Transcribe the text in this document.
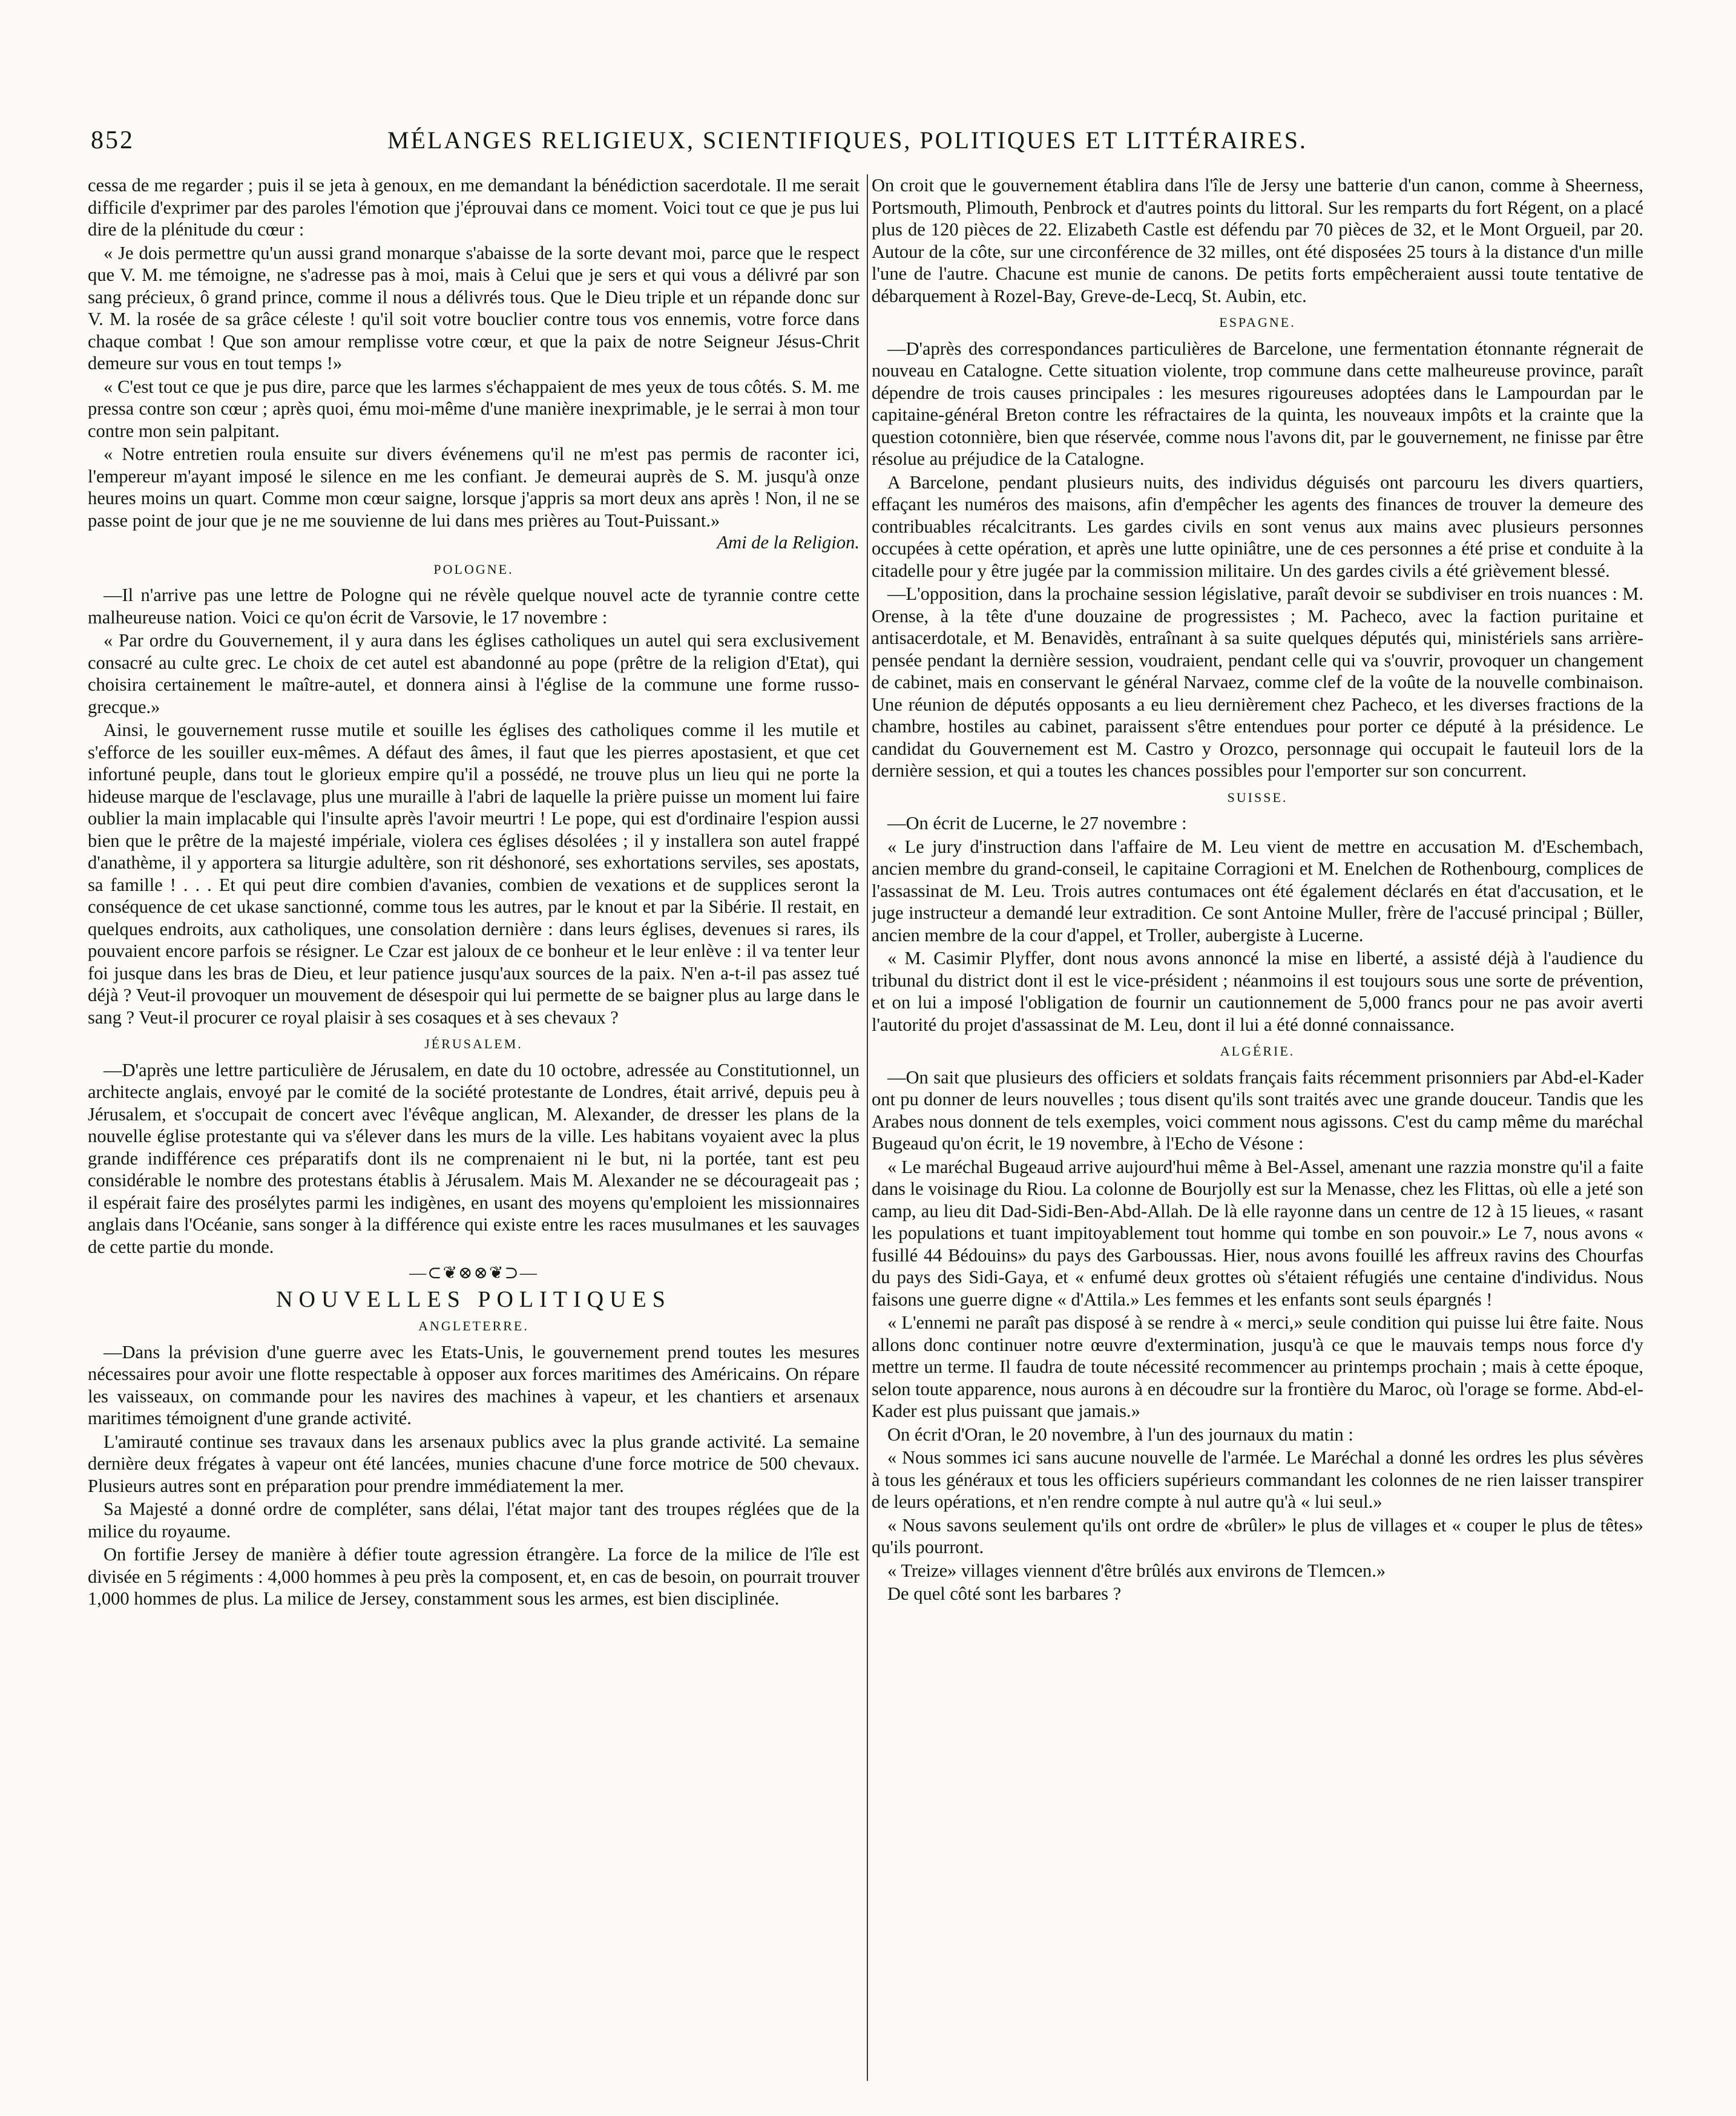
852	MÉLANGES RELIGIEUX, SCIENTIFIQUES, POLITIQUES ET LITTÉRAIRES.

cessa de me regarder ; puis il se jeta à genoux, en me demandant la bénédiction sacerdotale. Il me serait difficile d'exprimer par des paroles l'émotion que j'éprouvai dans ce moment. Voici tout ce que je pus lui dire de la plénitude du cœur :

« Je dois permettre qu'un aussi grand monarque s'abaisse de la sorte devant moi, parce que le respect que V. M. me témoigne, ne s'adresse pas à moi, mais à Celui que je sers et qui vous a délivré par son sang précieux, ô grand prince, comme il nous a délivrés tous. Que le Dieu triple et un répande donc sur V. M. la rosée de sa grâce céleste ! qu'il soit votre bouclier contre tous vos ennemis, votre force dans chaque combat ! Que son amour remplisse votre cœur, et que la paix de notre Seigneur Jésus-Chrit demeure sur vous en tout temps !»

« C'est tout ce que je pus dire, parce que les larmes s'échappaient de mes yeux de tous côtés. S. M. me pressa contre son cœur ; après quoi, ému moi-même d'une manière inexprimable, je le serrai à mon tour contre mon sein palpitant.

« Notre entretien roula ensuite sur divers événemens qu'il ne m'est pas permis de raconter ici, l'empereur m'ayant imposé le silence en me les confiant. Je demeurai auprès de S. M. jusqu'à onze heures moins un quart. Comme mon cœur saigne, lorsque j'appris sa mort deux ans après ! Non, il ne se passe point de jour que je ne me souvienne de lui dans mes prières au Tout-Puissant.»
Ami de la Religion.

POLOGNE.

—Il n'arrive pas une lettre de Pologne qui ne révèle quelque nouvel acte de tyrannie contre cette malheureuse nation. Voici ce qu'on écrit de Varsovie, le 17 novembre :

« Par ordre du Gouvernement, il y aura dans les églises catholiques un autel qui sera exclusivement consacré au culte grec. Le choix de cet autel est abandonné au pope (prêtre de la religion d'Etat), qui choisira certainement le maître-autel, et donnera ainsi à l'église de la commune une forme russo-grecque.»

Ainsi, le gouvernement russe mutile et souille les églises des catholiques comme il les mutile et s'efforce de les souiller eux-mêmes. A défaut des âmes, il faut que les pierres apostasient, et que cet infortuné peuple, dans tout le glorieux empire qu'il a possédé, ne trouve plus un lieu qui ne porte la hideuse marque de l'esclavage, plus une muraille à l'abri de laquelle la prière puisse un moment lui faire oublier la main implacable qui l'insulte après l'avoir meurtri ! Le pope, qui est d'ordinaire l'espion aussi bien que le prêtre de la majesté impériale, violera ces églises désolées ; il y installera son autel frappé d'anathème, il y apportera sa liturgie adultère, son rit déshonoré, ses exhortations serviles, ses apostats, sa famille ! . . . Et qui peut dire combien d'avanies, combien de vexations et de supplices seront la conséquence de cet ukase sanctionné, comme tous les autres, par le knout et par la Sibérie. Il restait, en quelques endroits, aux catholiques, une consolation dernière : dans leurs églises, devenues si rares, ils pouvaient encore parfois se résigner. Le Czar est jaloux de ce bonheur et le leur enlève : il va tenter leur foi jusque dans les bras de Dieu, et leur patience jusqu'aux sources de la paix. N'en a-t-il pas assez tué déjà ? Veut-il provoquer un mouvement de désespoir qui lui permette de se baigner plus au large dans le sang ? Veut-il procurer ce royal plaisir à ses cosaques et à ses chevaux ?

JÉRUSALEM.

—D'après une lettre particulière de Jérusalem, en date du 10 octobre, adressée au Constitutionnel, un architecte anglais, envoyé par le comité de la société protestante de Londres, était arrivé, depuis peu à Jérusalem, et s'occupait de concert avec l'évêque anglican, M. Alexander, de dresser les plans de la nouvelle église protestante qui va s'élever dans les murs de la ville. Les habitans voyaient avec la plus grande indifférence ces préparatifs dont ils ne comprenaient ni le but, ni la portée, tant est peu considérable le nombre des protestans établis à Jérusalem. Mais M. Alexander ne se décourageait pas ; il espérait faire des prosélytes parmi les indigènes, en usant des moyens qu'emploient les missionnaires anglais dans l'Océanie, sans songer à la différence qui existe entre les races musulmanes et les sauvages de cette partie du monde.

—⊂❦⊗⊗❦⊃—
NOUVELLES POLITIQUES
ANGLETERRE.

—Dans la prévision d'une guerre avec les Etats-Unis, le gouvernement prend toutes les mesures nécessaires pour avoir une flotte respectable à opposer aux forces maritimes des Américains. On répare les vaisseaux, on commande pour les navires des machines à vapeur, et les chantiers et arsenaux maritimes témoignent d'une grande activité.

L'amirauté continue ses travaux dans les arsenaux publics avec la plus grande activité. La semaine dernière deux frégates à vapeur ont été lancées, munies chacune d'une force motrice de 500 chevaux. Plusieurs autres sont en préparation pour prendre immédiatement la mer.

Sa Majesté a donné ordre de compléter, sans délai, l'état major tant des troupes réglées que de la milice du royaume.

On fortifie Jersey de manière à défier toute agression étrangère. La force de la milice de l'île est divisée en 5 régiments : 4,000 hommes à peu près la composent, et, en cas de besoin, on pourrait trouver 1,000 hommes de plus. La milice de Jersey, constamment sous les armes, est bien disciplinée.

On croit que le gouvernement établira dans l'île de Jersy une batterie d'un canon, comme à Sheerness, Portsmouth, Plimouth, Penbrock et d'autres points du littoral. Sur les remparts du fort Régent, on a placé plus de 120 pièces de 22. Elizabeth Castle est défendu par 70 pièces de 32, et le Mont Orgueil, par 20. Autour de la côte, sur une circonférence de 32 milles, ont été disposées 25 tours à la distance d'un mille l'une de l'autre. Chacune est munie de canons. De petits forts empêcheraient aussi toute tentative de débarquement à Rozel-Bay, Greve-de-Lecq, St. Aubin, etc.

ESPAGNE.

—D'après des correspondances particulières de Barcelone, une fermentation étonnante régnerait de nouveau en Catalogne. Cette situation violente, trop commune dans cette malheureuse province, paraît dépendre de trois causes principales : les mesures rigoureuses adoptées dans le Lampourdan par le capitaine-général Breton contre les réfractaires de la quinta, les nouveaux impôts et la crainte que la question cotonnière, bien que réservée, comme nous l'avons dit, par le gouvernement, ne finisse par être résolue au préjudice de la Catalogne.

A Barcelone, pendant plusieurs nuits, des individus déguisés ont parcouru les divers quartiers, effaçant les numéros des maisons, afin d'empêcher les agents des finances de trouver la demeure des contribuables récalcitrants. Les gardes civils en sont venus aux mains avec plusieurs personnes occupées à cette opération, et après une lutte opiniâtre, une de ces personnes a été prise et conduite à la citadelle pour y être jugée par la commission militaire. Un des gardes civils a été grièvement blessé.

—L'opposition, dans la prochaine session législative, paraît devoir se subdiviser en trois nuances : M. Orense, à la tête d'une douzaine de progressistes ; M. Pacheco, avec la faction puritaine et antisacerdotale, et M. Benavidès, entraînant à sa suite quelques députés qui, ministériels sans arrière-pensée pendant la dernière session, voudraient, pendant celle qui va s'ouvrir, provoquer un changement de cabinet, mais en conservant le général Narvaez, comme clef de la voûte de la nouvelle combinaison. Une réunion de députés opposants a eu lieu dernièrement chez Pacheco, et les diverses fractions de la chambre, hostiles au cabinet, paraissent s'être entendues pour porter ce député à la présidence. Le candidat du Gouvernement est M. Castro y Orozco, personnage qui occupait le fauteuil lors de la dernière session, et qui a toutes les chances possibles pour l'emporter sur son concurrent.

SUISSE.

—On écrit de Lucerne, le 27 novembre :

« Le jury d'instruction dans l'affaire de M. Leu vient de mettre en accusation M. d'Eschembach, ancien membre du grand-conseil, le capitaine Corragioni et M. Enelchen de Rothenbourg, complices de l'assassinat de M. Leu. Trois autres contumaces ont été également déclarés en état d'accusation, et le juge instructeur a demandé leur extradition. Ce sont Antoine Muller, frère de l'accusé principal ; Büller, ancien membre de la cour d'appel, et Troller, aubergiste à Lucerne.

« M. Casimir Plyffer, dont nous avons annoncé la mise en liberté, a assisté déjà à l'audience du tribunal du district dont il est le vice-président ; néanmoins il est toujours sous une sorte de prévention, et on lui a imposé l'obligation de fournir un cautionnement de 5,000 francs pour ne pas avoir averti l'autorité du projet d'assassinat de M. Leu, dont il lui a été donné connaissance.

ALGÉRIE.

—On sait que plusieurs des officiers et soldats français faits récemment prisonniers par Abd-el-Kader ont pu donner de leurs nouvelles ; tous disent qu'ils sont traités avec une grande douceur. Tandis que les Arabes nous donnent de tels exemples, voici comment nous agissons. C'est du camp même du maréchal Bugeaud qu'on écrit, le 19 novembre, à l'Echo de Vésone :

« Le maréchal Bugeaud arrive aujourd'hui même à Bel-Assel, amenant une razzia monstre qu'il a faite dans le voisinage du Riou. La colonne de Bourjolly est sur la Menasse, chez les Flittas, où elle a jeté son camp, au lieu dit Dad-Sidi-Ben-Abd-Allah. De là elle rayonne dans un centre de 12 à 15 lieues, « rasant les populations et tuant impitoyablement tout homme qui tombe en son pouvoir.» Le 7, nous avons « fusillé 44 Bédouins» du pays des Garboussas. Hier, nous avons fouillé les affreux ravins des Chourfas du pays des Sidi-Gaya, et « enfumé deux grottes où s'étaient réfugiés une centaine d'individus. Nous faisons une guerre digne « d'Attila.» Les femmes et les enfants sont seuls épargnés !

« L'ennemi ne paraît pas disposé à se rendre à « merci,» seule condition qui puisse lui être faite. Nous allons donc continuer notre œuvre d'extermination, jusqu'à ce que le mauvais temps nous force d'y mettre un terme. Il faudra de toute nécessité recommencer au printemps prochain ; mais à cette époque, selon toute apparence, nous aurons à en découdre sur la frontière du Maroc, où l'orage se forme. Abd-el-Kader est plus puissant que jamais.»

On écrit d'Oran, le 20 novembre, à l'un des journaux du matin :

« Nous sommes ici sans aucune nouvelle de l'armée. Le Maréchal a donné les ordres les plus sévères à tous les généraux et tous les officiers supérieurs commandant les colonnes de ne rien laisser transpirer de leurs opérations, et n'en rendre compte à nul autre qu'à « lui seul.»

« Nous savons seulement qu'ils ont ordre de «brûler» le plus de villages et « couper le plus de têtes» qu'ils pourront.

« Treize» villages viennent d'être brûlés aux environs de Tlemcen.»

De quel côté sont les barbares ?
